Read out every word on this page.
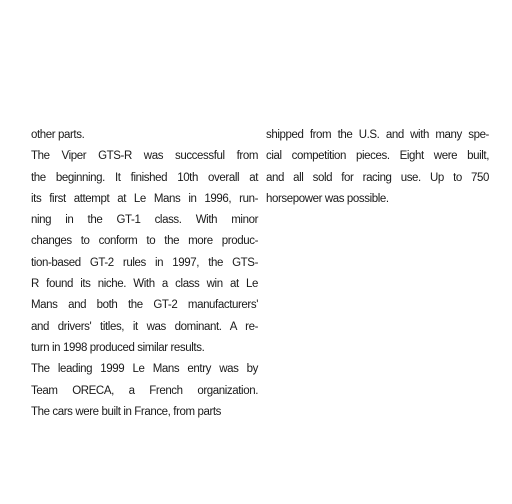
other parts.

The Viper GTS-R was successful from
the beginning. It finished 10th overall at
its first attempt at Le Mans in 1996, run-
ning in the GT-1 class. With minor
changes to conform to the more produc-
tion-based GT-2 rules in 1997, the GTS-
R found its niche. With a class win at Le
Mans and both the GT-2 manufacturers'
and drivers' titles, it was dominant. A re-
turn in 1998 produced similar results.

The leading 1999 Le Mans entry was by
Team ORECA, a French organization.
The cars were built in France, from parts

shipped from the U.S. and with many spe-
cial competition pieces. Eight were built,
and all sold for racing use. Up to 750
horsepower was possible.
